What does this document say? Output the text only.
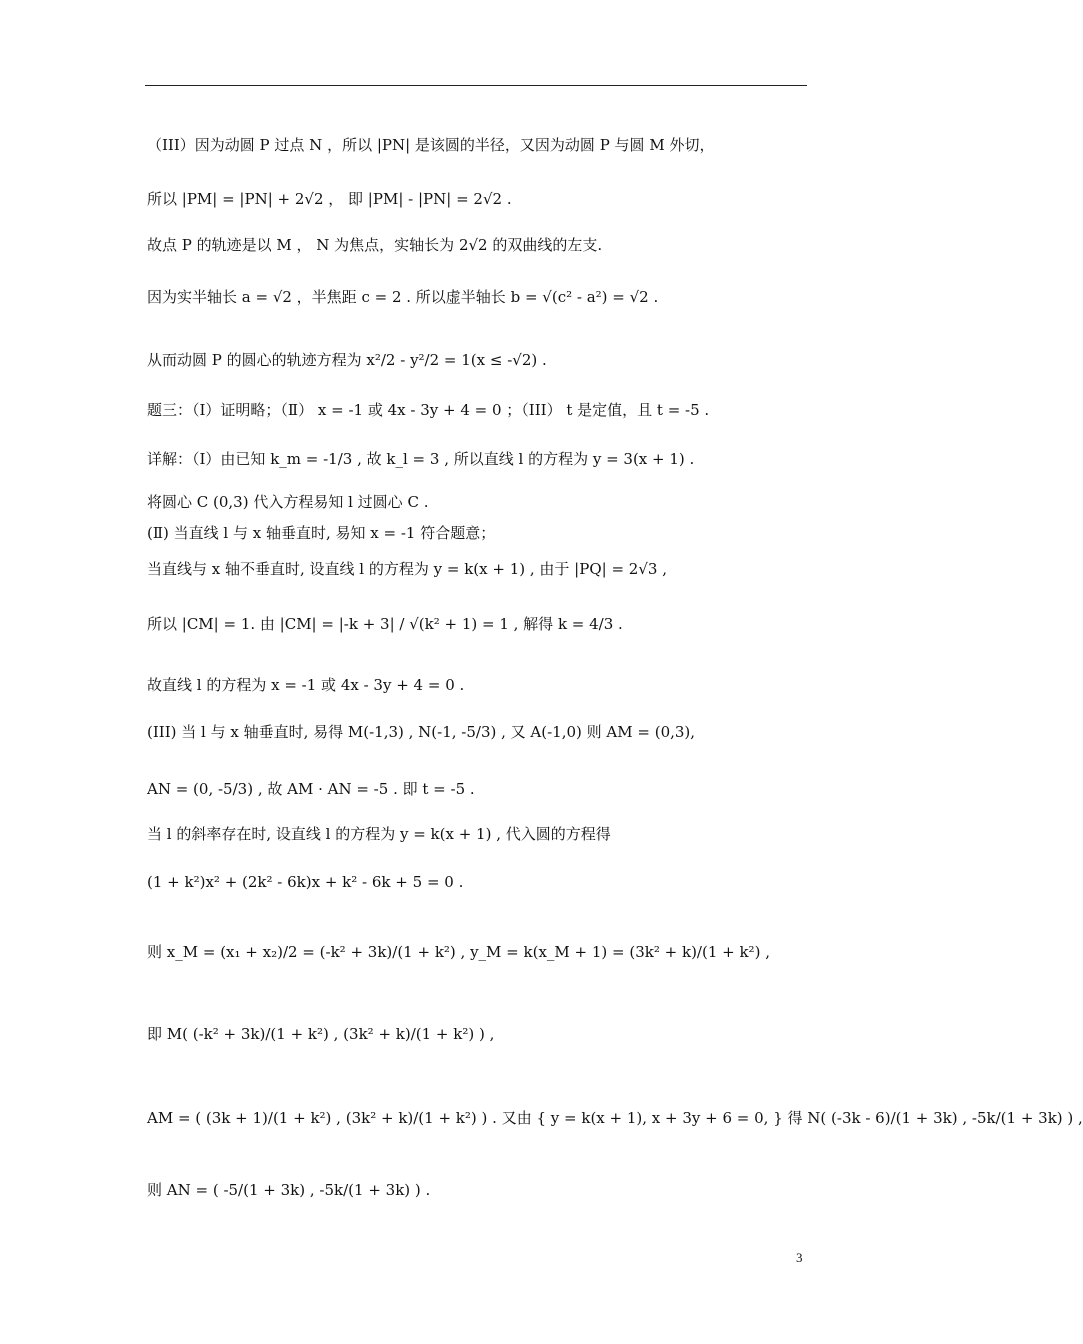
（III）因为动圆 P 过点 N ，所以 |PN| 是该圆的半径，又因为动圆 P 与圆 M 外切，
所以 |PM| = |PN| + 2√2 ， 即 |PM| - |PN| = 2√2 .
故点 P 的轨迹是以 M ， N 为焦点，实轴长为 2√2 的双曲线的左支.
因为实半轴长 a = √2 ，半焦距 c = 2 . 所以虚半轴长 b = √(c² - a²) = √2 .
从而动圆 P 的圆心的轨迹方程为 x²/2 - y²/2 = 1(x ≤ -√2) .
题三：（Ⅰ）证明略；（Ⅱ） x = -1 或 4x - 3y + 4 = 0 ；（III） t 是定值，且 t = -5 .
详解：（Ⅰ）由已知 k_m = -1/3 , 故 k_l = 3 , 所以直线 l 的方程为 y = 3(x + 1) .
将圆心 C (0,3) 代入方程易知 l 过圆心 C .
(Ⅱ) 当直线 l 与 x 轴垂直时, 易知 x = -1 符合题意；
当直线与 x 轴不垂直时, 设直线 l 的方程为 y = k(x + 1) , 由于 |PQ| = 2√3 ,
所以 |CM| = 1. 由 |CM| = |-k + 3| / √(k² + 1) = 1 , 解得 k = 4/3 .
故直线 l 的方程为 x = -1 或 4x - 3y + 4 = 0 .
(III) 当 l 与 x 轴垂直时, 易得 M(-1,3) , N(-1, -5/3) , 又 A(-1,0) 则 AM = (0,3),
AN = (0, -5/3) , 故 AM · AN = -5 . 即 t = -5 .
当 l 的斜率存在时, 设直线 l 的方程为 y = k(x + 1) , 代入圆的方程得
(1 + k²)x² + (2k² - 6k)x + k² - 6k + 5 = 0 .
则 x_M = (x₁ + x₂)/2 = (-k² + 3k)/(1 + k²) , y_M = k(x_M + 1) = (3k² + k)/(1 + k²) ,
即 M( (-k² + 3k)/(1 + k²) , (3k² + k)/(1 + k²) ) ,
AM = ( (3k + 1)/(1 + k²) , (3k² + k)/(1 + k²) ) . 又由 { y = k(x + 1), x + 3y + 6 = 0, } 得 N( (-3k - 6)/(1 + 3k) , -5k/(1 + 3k) ) ,
则 AN = ( -5/(1 + 3k) , -5k/(1 + 3k) ) .
3
